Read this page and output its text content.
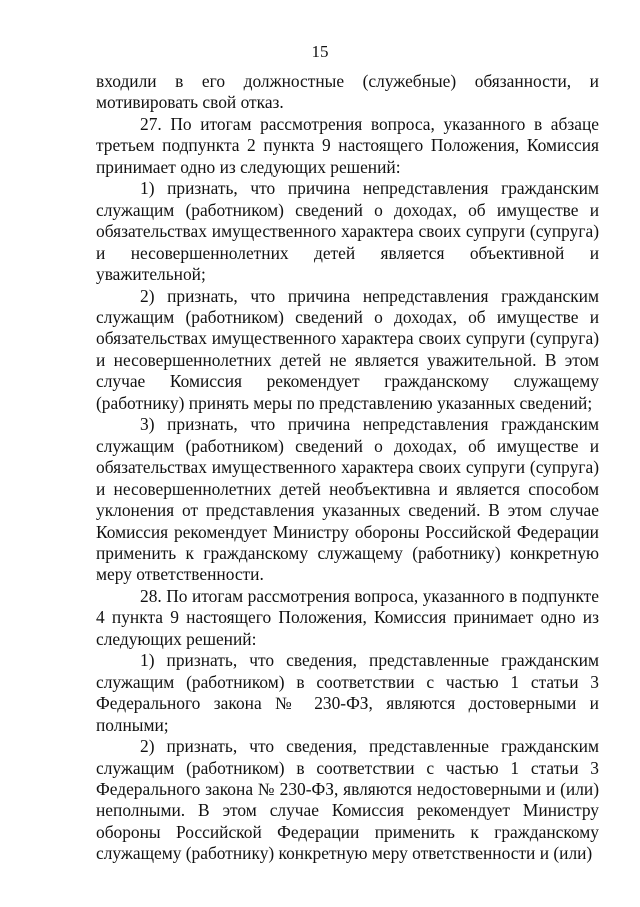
15

входили в его должностные (служебные) обязанности, и мотивировать свой отказ.

27. По итогам рассмотрения вопроса, указанного в абзаце третьем подпункта 2 пункта 9 настоящего Положения, Комиссия принимает одно из следующих решений:

1) признать, что причина непредставления гражданским служащим (работником) сведений о доходах, об имуществе и обязательствах имущественного характера своих супруги (супруга) и несовершеннолетних детей является объективной и уважительной;

2) признать, что причина непредставления гражданским служащим (работником) сведений о доходах, об имуществе и обязательствах имущественного характера своих супруги (супруга) и несовершеннолетних детей не является уважительной. В этом случае Комиссия рекомендует гражданскому служащему (работнику) принять меры по представлению указанных сведений;

3) признать, что причина непредставления гражданским служащим (работником) сведений о доходах, об имуществе и обязательствах имущественного характера своих супруги (супруга) и несовершеннолетних детей необъективна и является способом уклонения от представления указанных сведений. В этом случае Комиссия рекомендует Министру обороны Российской Федерации применить к гражданскому служащему (работнику) конкретную меру ответственности.

28. По итогам рассмотрения вопроса, указанного в подпункте 4 пункта 9 настоящего Положения, Комиссия принимает одно из следующих решений:

1) признать, что сведения, представленные гражданским служащим (работником) в соответствии с частью 1 статьи 3 Федерального закона № 230-ФЗ, являются достоверными и полными;

2) признать, что сведения, представленные гражданским служащим (работником) в соответствии с частью 1 статьи 3 Федерального закона № 230-ФЗ, являются недостоверными и (или) неполными. В этом случае Комиссия рекомендует Министру обороны Российской Федерации применить к гражданскому служащему (работнику) конкретную меру ответственности и (или)
